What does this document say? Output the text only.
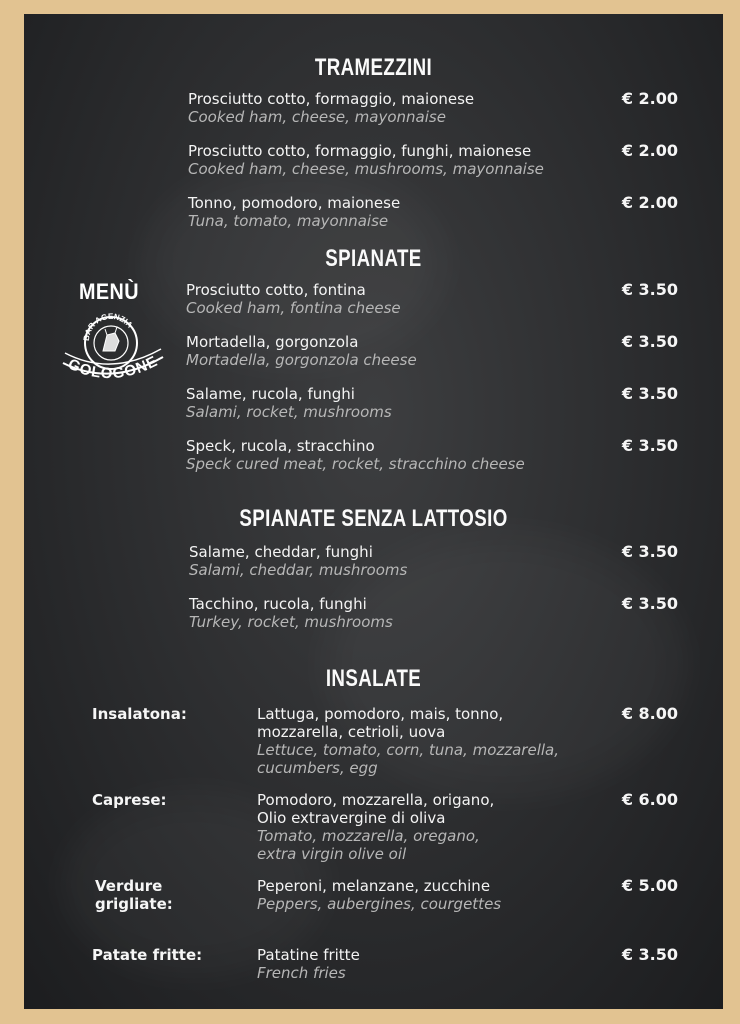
MENÙ
BAR AGENZIA
GOLOGONE
TRAMEZZINI
Prosciutto cotto, formaggio, maionese
Cooked ham, cheese, mayonnaise
€ 2.00
Prosciutto cotto, formaggio, funghi, maionese
Cooked ham, cheese, mushrooms, mayonnaise
€ 2.00
Tonno, pomodoro, maionese
Tuna, tomato, mayonnaise
€ 2.00
SPIANATE
Prosciutto cotto, fontina
Cooked ham, fontina cheese
€ 3.50
Mortadella, gorgonzola
Mortadella, gorgonzola cheese
€ 3.50
Salame, rucola, funghi
Salami, rocket, mushrooms
€ 3.50
Speck, rucola, stracchino
Speck cured meat, rocket, stracchino cheese
€ 3.50
SPIANATE SENZA LATTOSIO
Salame, cheddar, funghi
Salami, cheddar, mushrooms
€ 3.50
Tacchino, rucola, funghi
Turkey, rocket, mushrooms
€ 3.50
INSALATE
Insalatona:	Lattuga, pomodoro, mais, tonno,
mozzarella, cetrioli, uova
Lettuce, tomato, corn, tuna, mozzarella,
cucumbers, egg
€ 8.00
Caprese:	Pomodoro, mozzarella, origano,
Olio extravergine di oliva
Tomato, mozzarella, oregano,
extra virgin olive oil
€ 6.00
Verdure
grigliate:
Peperoni, melanzane, zucchine
Peppers, aubergines, courgettes
€ 5.00
Patate fritte:	Patatine fritte
French fries
€ 3.50
